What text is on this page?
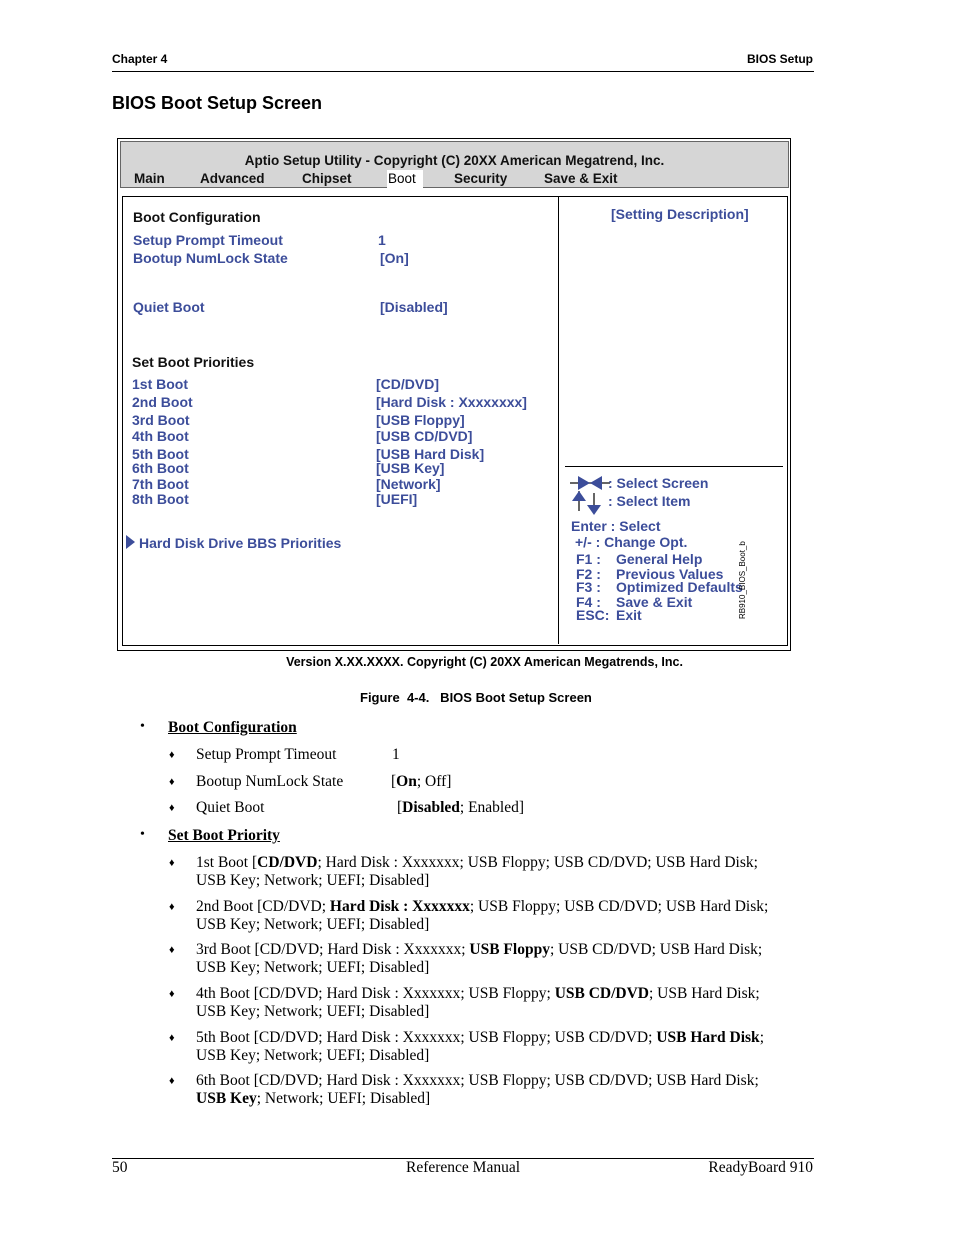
Chapter 4	BIOS Setup
BIOS Boot Setup Screen
Aptio Setup Utility - Copyright (C) 20XX American Megatrend, Inc.
Main	Advanced	Chipset	Boot	Security	Save & Exit
Boot Configuration
Setup Prompt Timeout	1
Bootup NumLock State	[On]
Quiet Boot	[Disabled]
Set Boot Priorities
1st Boot	[CD/DVD]
2nd Boot	[Hard Disk : Xxxxxxxx]
3rd Boot	[USB Floppy]
4th Boot	[USB CD/DVD]
5th Boot	[USB Hard Disk]
6th Boot	[USB Key]
7th Boot	[Network]
8th Boot	[UEFI]
Hard Disk Drive BBS Priorities
[Setting Description]
: Select Screen
: Select Item
Enter : Select
+/- : Change Opt.
F1 : General Help
F2 : Previous Values
F3 : Optimized Defaults
F4 : Save & Exit
ESC: Exit	RB910_BIOS_Boot_b
Version X.XX.XXXX. Copyright (C) 20XX American Megatrends, Inc.
Figure  4-4.   BIOS Boot Setup Screen
• Boot Configuration
♦ Setup Prompt Timeout	1
♦ Bootup NumLock State	[On; Off]
♦ Quiet Boot	[Disabled; Enabled]
• Set Boot Priority
♦ 1st Boot [CD/DVD; Hard Disk : Xxxxxxx; USB Floppy; USB CD/DVD; USB Hard Disk;
USB Key; Network; UEFI; Disabled]
♦ 2nd Boot [CD/DVD; Hard Disk : Xxxxxxx; USB Floppy; USB CD/DVD; USB Hard Disk;
USB Key; Network; UEFI; Disabled]
♦ 3rd Boot [CD/DVD; Hard Disk : Xxxxxxx; USB Floppy; USB CD/DVD; USB Hard Disk;
USB Key; Network; UEFI; Disabled]
♦ 4th Boot [CD/DVD; Hard Disk : Xxxxxxx; USB Floppy; USB CD/DVD; USB Hard Disk;
USB Key; Network; UEFI; Disabled]
♦ 5th Boot [CD/DVD; Hard Disk : Xxxxxxx; USB Floppy; USB CD/DVD; USB Hard Disk;
USB Key; Network; UEFI; Disabled]
♦ 6th Boot [CD/DVD; Hard Disk : Xxxxxxx; USB Floppy; USB CD/DVD; USB Hard Disk;
USB Key; Network; UEFI; Disabled]
50	Reference Manual	ReadyBoard 910
